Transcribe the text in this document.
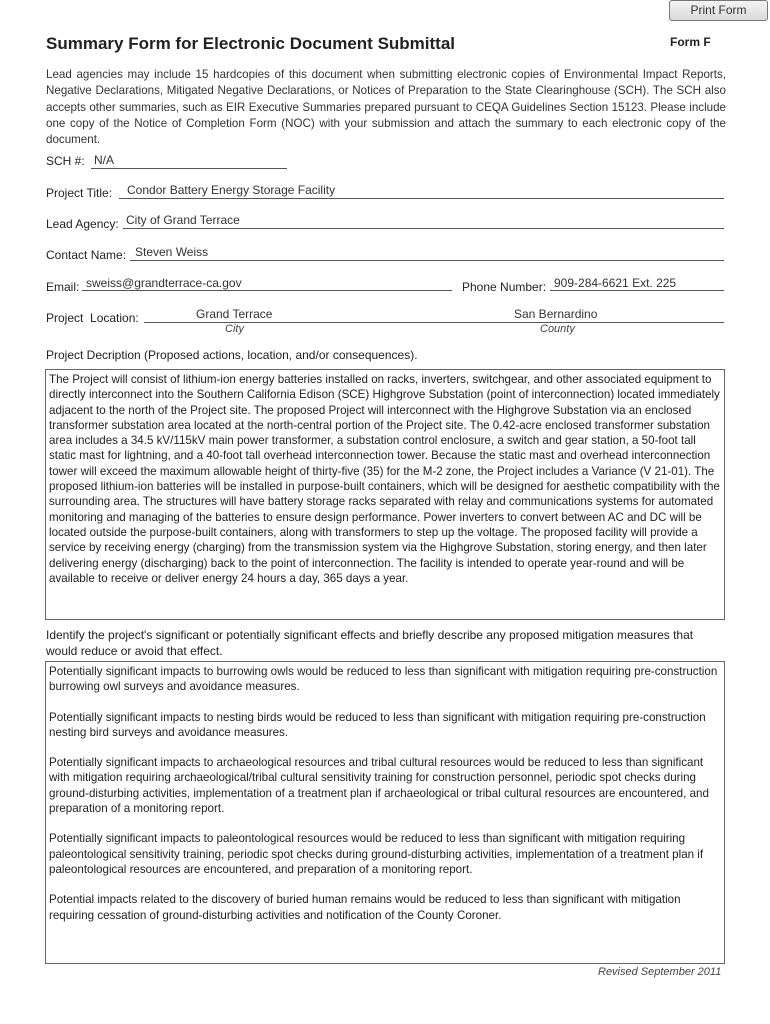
Print Form
Summary Form for Electronic Document Submittal	Form F
Lead agencies may include 15 hardcopies of this document when submitting electronic copies of Environmental Impact Reports, Negative Declarations, Mitigated Negative Declarations, or Notices of Preparation to the State Clearinghouse (SCH). The SCH also accepts other summaries, such as EIR Executive Summaries prepared pursuant to CEQA Guidelines Section 15123. Please include one copy of the Notice of Completion Form (NOC) with your submission and attach the summary to each electronic copy of the document.
SCH #: N/A
Project Title: Condor Battery Energy Storage Facility
Lead Agency: City of Grand Terrace
Contact Name: Steven Weiss
Email: sweiss@grandterrace-ca.gov	Phone Number: 909-284-6621 Ext. 225
Project  Location:	Grand Terrace	San Bernardino
City	County
Project Decription (Proposed actions, location, and/or consequences).
The Project will consist of lithium-ion energy batteries installed on racks, inverters, switchgear, and other associated equipment to directly interconnect into the Southern California Edison (SCE) Highgrove Substation (point of interconnection) located immediately adjacent to the north of the Project site. The proposed Project will interconnect with the Highgrove Substation via an enclosed transformer substation area located at the north-central portion of the Project site. The 0.42-acre enclosed transformer substation area includes a 34.5 kV/115kV main power transformer, a substation control enclosure, a switch and gear station, a 50-foot tall static mast for lightning, and a 40-foot tall overhead interconnection tower. Because the static mast and overhead interconnection tower will exceed the maximum allowable height of thirty-five (35) for the M-2 zone, the Project includes a Variance (V 21-01). The proposed lithium-ion batteries will be installed in purpose-built containers, which will be designed for aesthetic compatibility with the surrounding area. The structures will have battery storage racks separated with relay and communications systems for automated monitoring and managing of the batteries to ensure design performance. Power inverters to convert between AC and DC will be located outside the purpose-built containers, along with transformers to step up the voltage. The proposed facility will provide a service by receiving energy (charging) from the transmission system via the Highgrove Substation, storing energy, and then later delivering energy (discharging) back to the point of interconnection. The facility is intended to operate year-round and will be available to receive or deliver energy 24 hours a day, 365 days a year.
Identify the project's significant or potentially significant effects and briefly describe any proposed mitigation measures that would reduce or avoid that effect.

Potentially significant impacts to burrowing owls would be reduced to less than significant with mitigation requiring pre-construction burrowing owl surveys and avoidance measures.

Potentially significant impacts to nesting birds would be reduced to less than significant with mitigation requiring pre-construction nesting bird surveys and avoidance measures.

Potentially significant impacts to archaeological resources and tribal cultural resources would be reduced to less than significant with mitigation requiring archaeological/tribal cultural sensitivity training for construction personnel, periodic spot checks during ground-disturbing activities, implementation of a treatment plan if archaeological or tribal cultural resources are encountered, and preparation of a monitoring report.

Potentially significant impacts to paleontological resources would be reduced to less than significant with mitigation requiring paleontological sensitivity training, periodic spot checks during ground-disturbing activities, implementation of a treatment plan if paleontological resources are encountered, and preparation of a monitoring report.

Potential impacts related to the discovery of buried human remains would be reduced to less than significant with mitigation requiring cessation of ground-disturbing activities and notification of the County Coroner.

Revised September 2011
